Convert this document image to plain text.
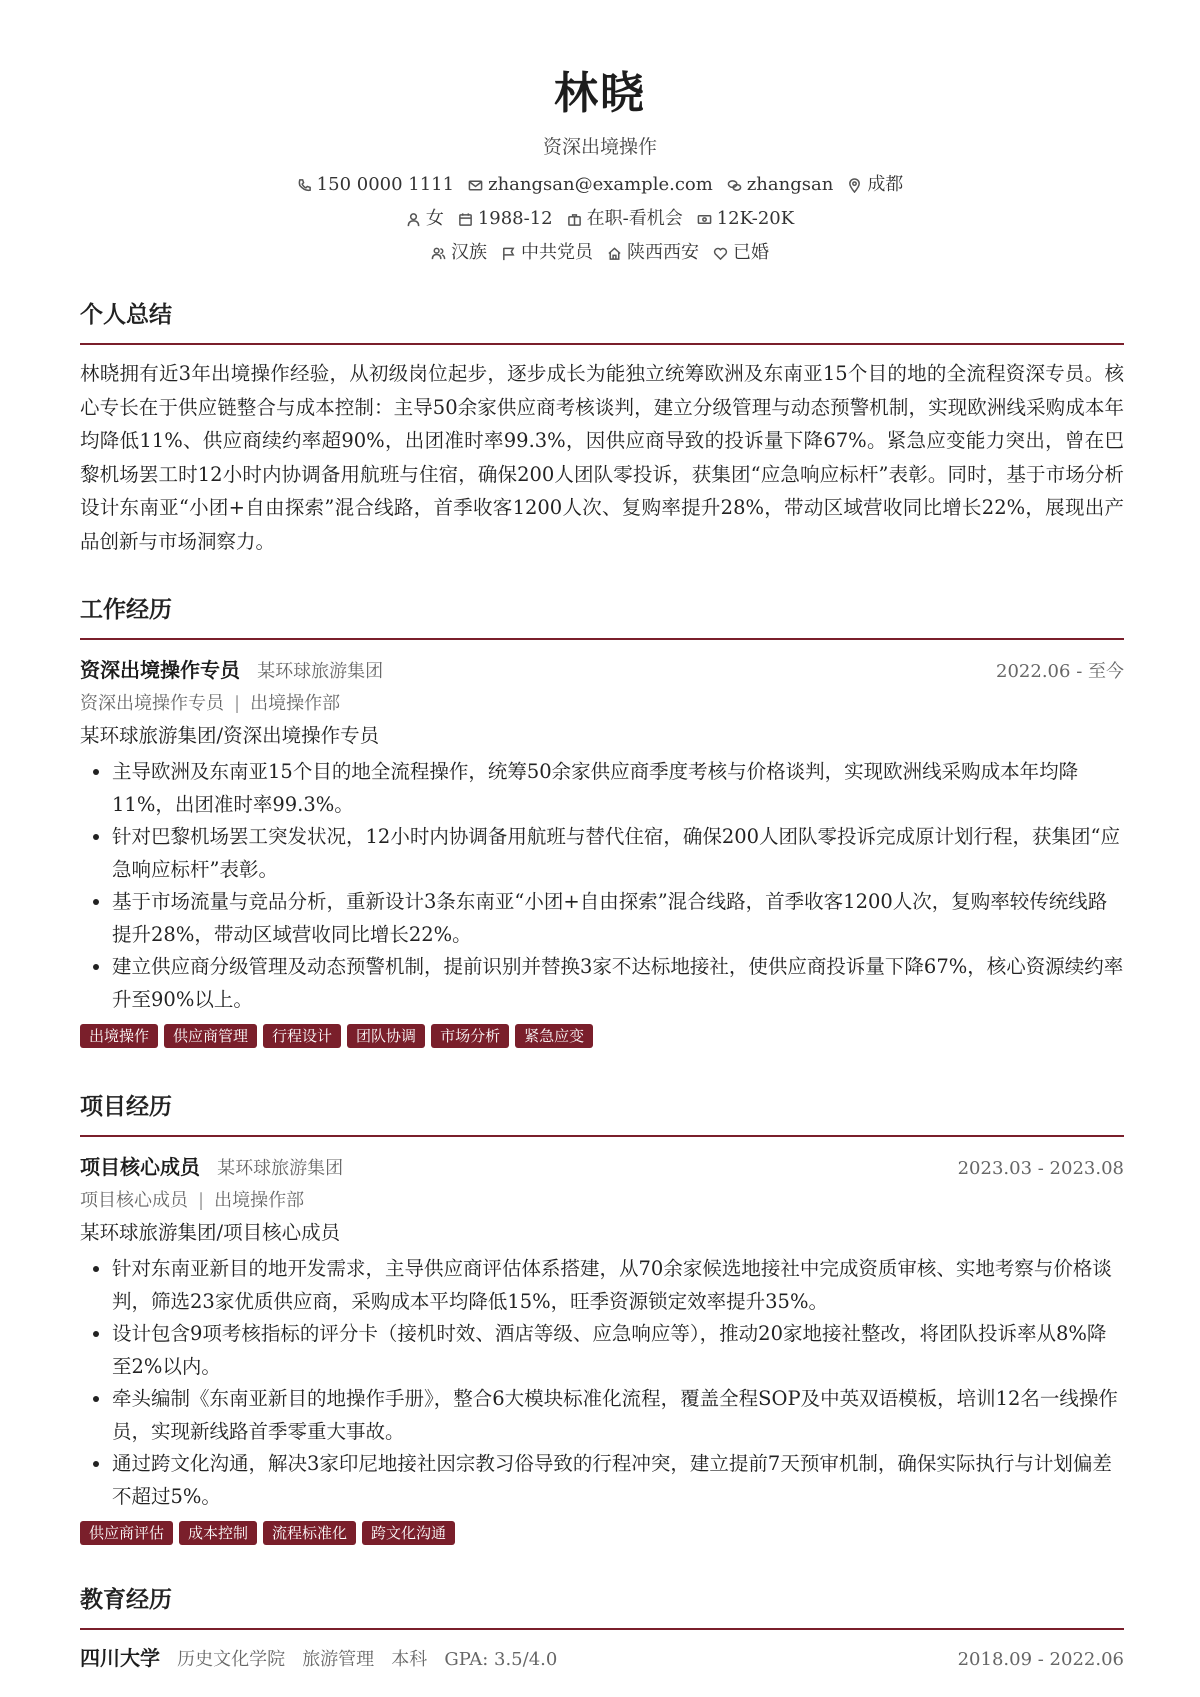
林晓
资深出境操作
150 0000 1111 zhangsan@example.com zhangsan 成都
女 1988-12 在职-看机会 12K-20K
汉族 中共党员 陕西西安 已婚
个人总结
林晓拥有近3年出境操作经验，从初级岗位起步，逐步成长为能独立统筹欧洲及东南亚15个目的地的全流程资深专员。核心专长在于供应链整合与成本控制：主导50余家供应商考核谈判，建立分级管理与动态预警机制，实现欧洲线采购成本年均降低11%、供应商续约率超90%，出团准时率99.3%，因供应商导致的投诉量下降67%。紧急应变能力突出，曾在巴黎机场罢工时12小时内协调备用航班与住宿，确保200人团队零投诉，获集团“应急响应标杆”表彰。同时，基于市场分析设计东南亚“小团+自由探索”混合线路，首季收客1200人次、复购率提升28%，带动区域营收同比增长22%，展现出产品创新与市场洞察力。
工作经历
资深出境操作专员 某环球旅游集团	2022.06 - 至今
资深出境操作专员 | 出境操作部
某环球旅游集团/资深出境操作专员
• 主导欧洲及东南亚15个目的地全流程操作，统筹50余家供应商季度考核与价格谈判，实现欧洲线采购成本年均降11%，出团准时率99.3%。
• 针对巴黎机场罢工突发状况，12小时内协调备用航班与替代住宿，确保200人团队零投诉完成原计划行程，获集团“应急响应标杆”表彰。
• 基于市场流量与竞品分析，重新设计3条东南亚“小团+自由探索”混合线路，首季收客1200人次，复购率较传统线路提升28%，带动区域营收同比增长22%。
• 建立供应商分级管理及动态预警机制，提前识别并替换3家不达标地接社，使供应商投诉量下降67%，核心资源续约率升至90%以上。
出境操作	供应商管理	行程设计	团队协调	市场分析	紧急应变
项目经历
项目核心成员 某环球旅游集团	2023.03 - 2023.08
项目核心成员 | 出境操作部
某环球旅游集团/项目核心成员
• 针对东南亚新目的地开发需求，主导供应商评估体系搭建，从70余家候选地接社中完成资质审核、实地考察与价格谈判，筛选23家优质供应商，采购成本平均降低15%，旺季资源锁定效率提升35%。
• 设计包含9项考核指标的评分卡（接机时效、酒店等级、应急响应等），推动20家地接社整改，将团队投诉率从8%降至2%以内。
• 牵头编制《东南亚新目的地操作手册》，整合6大模块标准化流程，覆盖全程SOP及中英双语模板，培训12名一线操作员，实现新线路首季零重大事故。
• 通过跨文化沟通，解决3家印尼地接社因宗教习俗导致的行程冲突，建立提前7天预审机制，确保实际执行与计划偏差不超过5%。
供应商评估	成本控制	流程标准化	跨文化沟通
教育经历
四川大学 历史文化学院 旅游管理 本科 GPA: 3.5/4.0	2018.09 - 2022.06
